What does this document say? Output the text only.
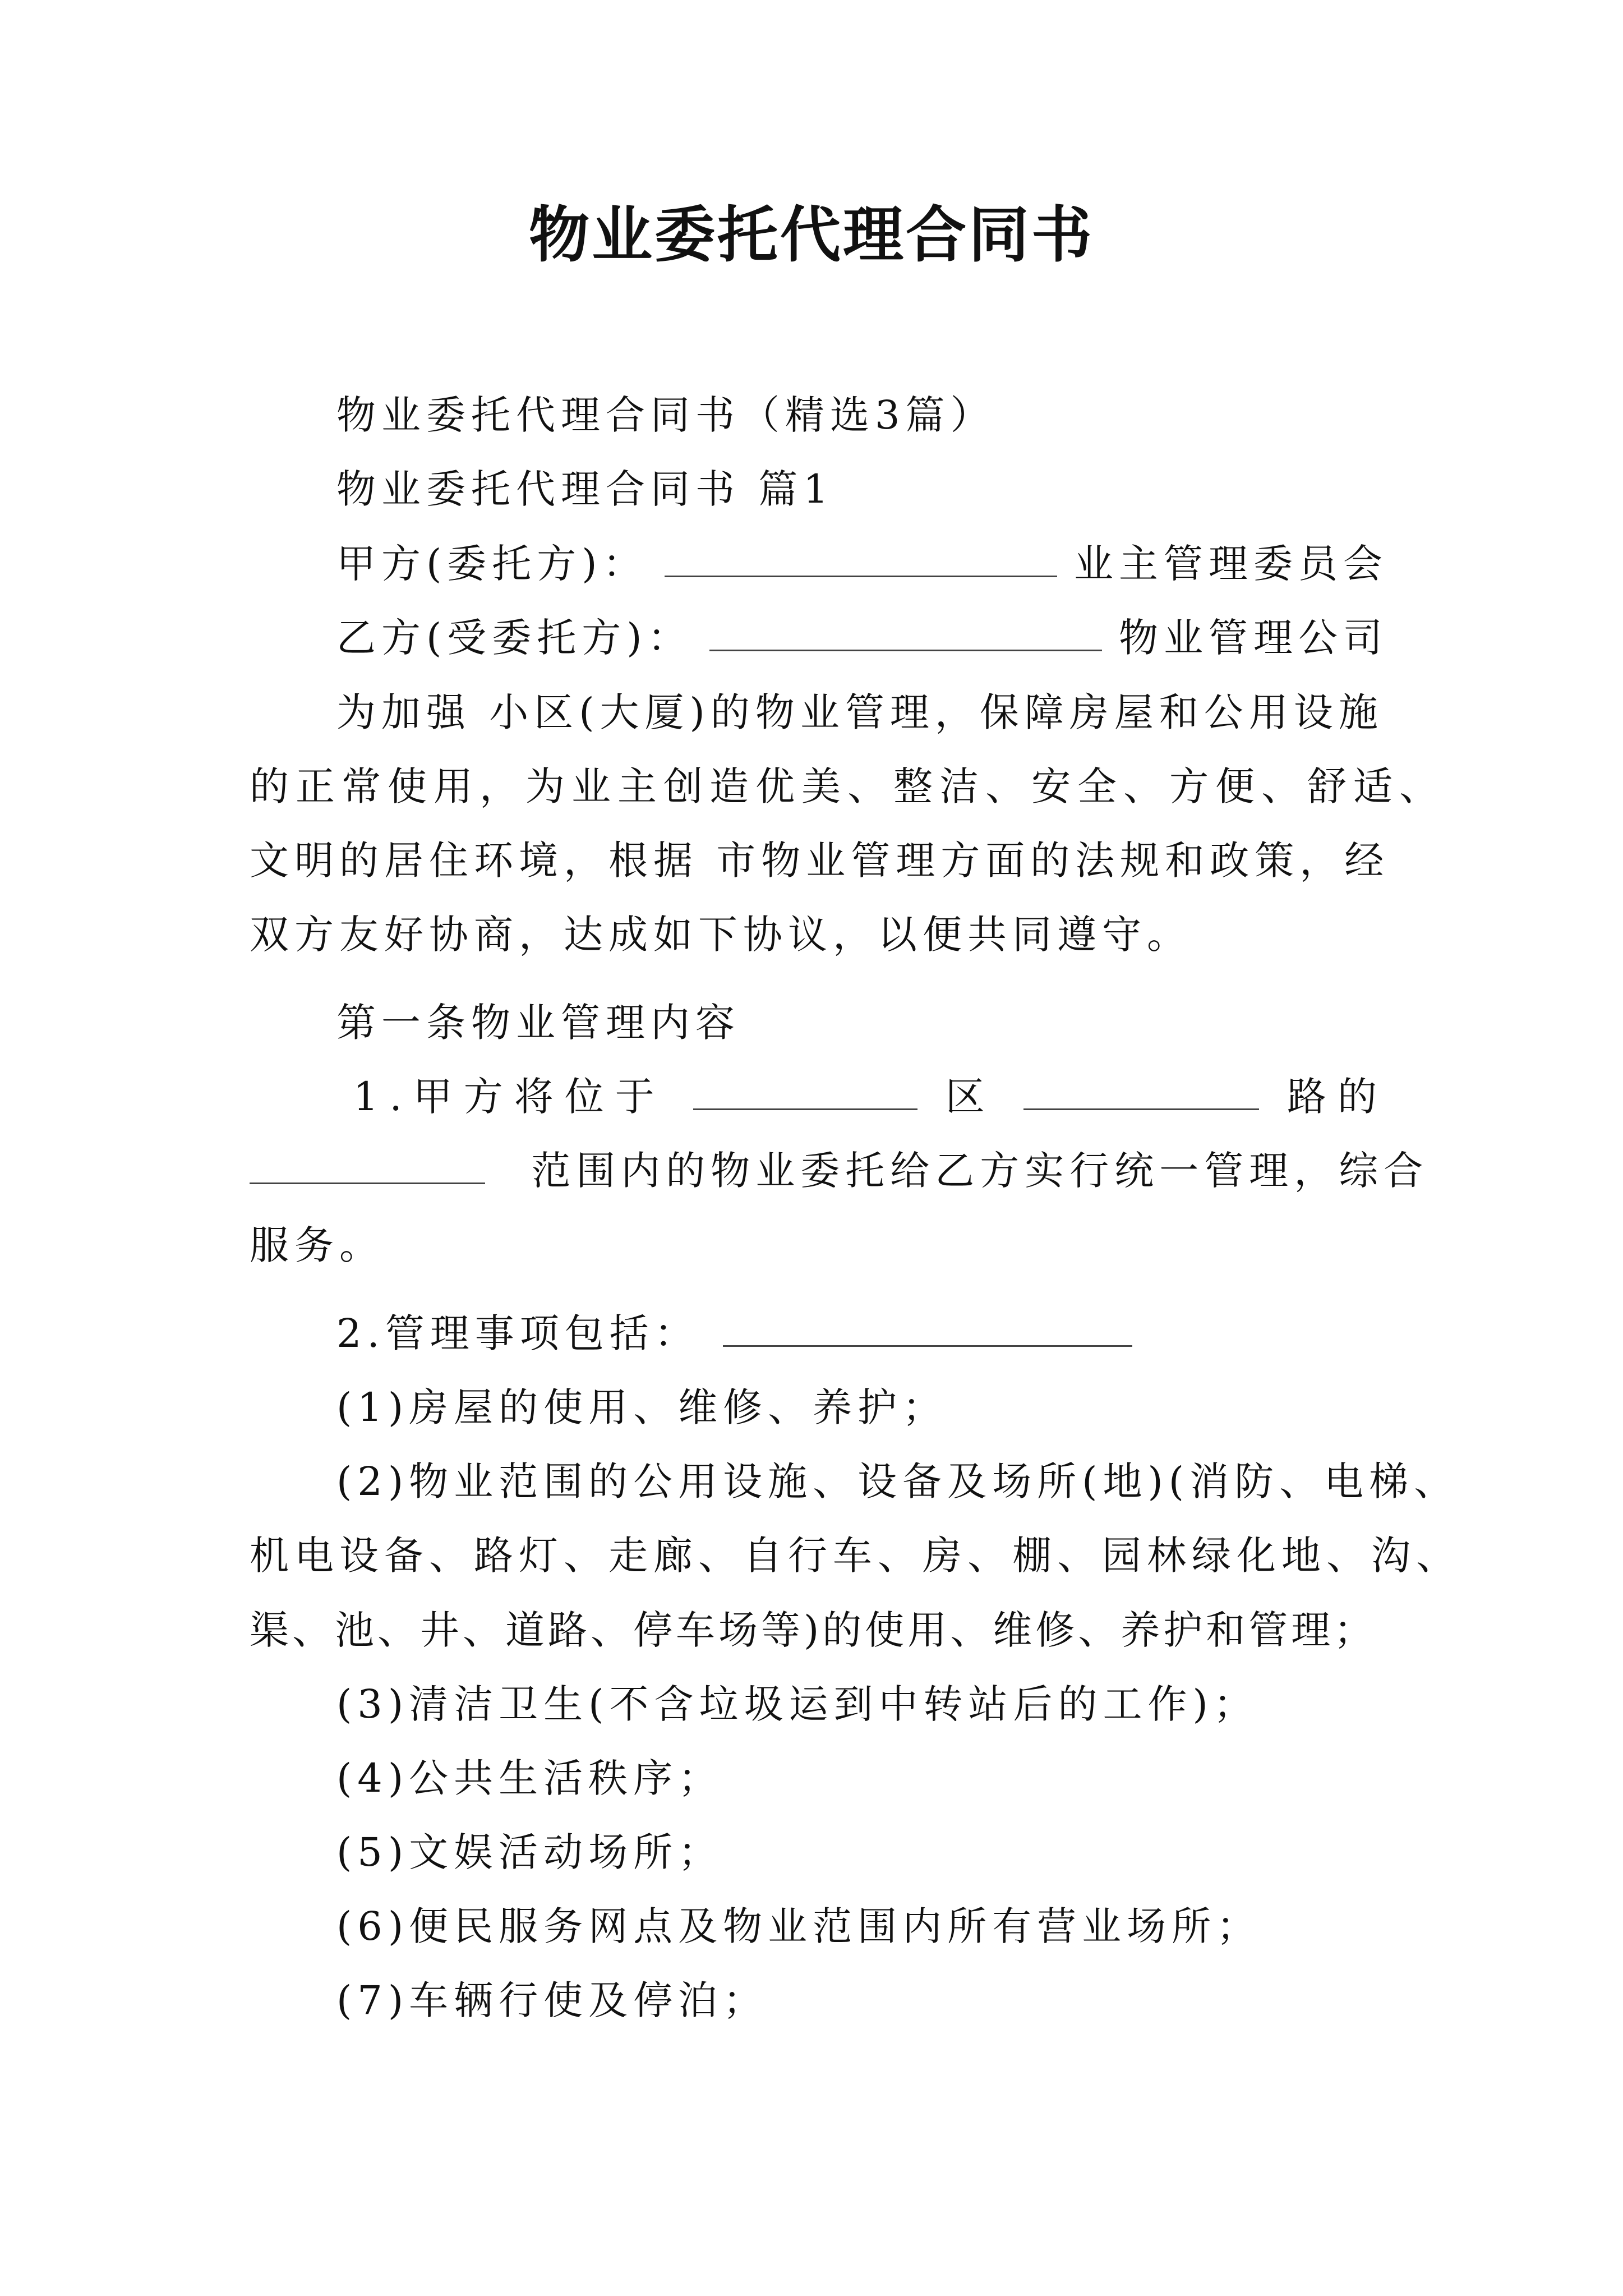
物业委托代理合同书
物业委托代理合同书（精选3篇）
物业委托代理合同书 篇1
甲方(委托方)：	业主管理委员会
乙方(受委托方)：	物业管理公司
为加强 小区(大厦)的物业管理，保障房屋和公用设施
的正常使用，为业主创造优美、整洁、安全、方便、舒适、
文明的居住环境，根据 市物业管理方面的法规和政策，经
双方友好协商，达成如下协议，以便共同遵守。
第一条物业管理内容
1.甲方将位于	区	路的
范围内的物业委托给乙方实行统一管理，综合
服务。
2.管理事项包括：
(1)房屋的使用、维修、养护；
(2)物业范围的公用设施、设备及场所(地)(消防、电梯、
机电设备、路灯、走廊、自行车、房、棚、园林绿化地、沟、
渠、池、井、道路、停车场等)的使用、维修、养护和管理；
(3)清洁卫生(不含垃圾运到中转站后的工作)；
(4)公共生活秩序；
(5)文娱活动场所；
(6)便民服务网点及物业范围内所有营业场所；
(7)车辆行使及停泊；
